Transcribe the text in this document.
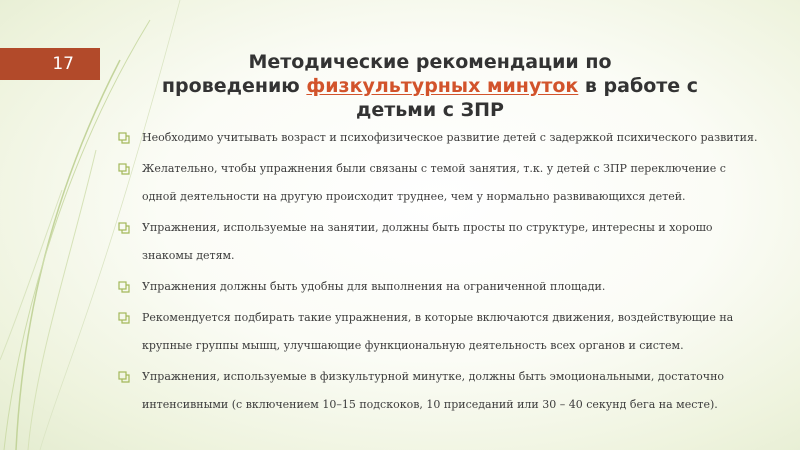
17	Методические рекомендации по
проведению физкультурных минуток в работе с
детьми с ЗПР
Необходимо учитывать возраст и психофизическое развитие детей с задержкой психического развития.
Желательно, чтобы упражнения были связаны с темой занятия, т.к. у детей с ЗПР переключение с одной деятельности на другую происходит труднее, чем у нормально развивающихся детей.
Упражнения, используемые на занятии, должны быть просты по структуре, интересны и хорошо знакомы детям.
Упражнения должны быть удобны для выполнения на ограниченной площади.
Рекомендуется подбирать такие упражнения, в которые включаются движения, воздействующие на крупные группы мышц, улучшающие функциональную деятельность всех органов и систем.
Упражнения, используемые в физкультурной минутке, должны быть эмоциональными, достаточно интенсивными (с включением 10–15 подскоков, 10 приседаний или 30 – 40 секунд бега на месте).
